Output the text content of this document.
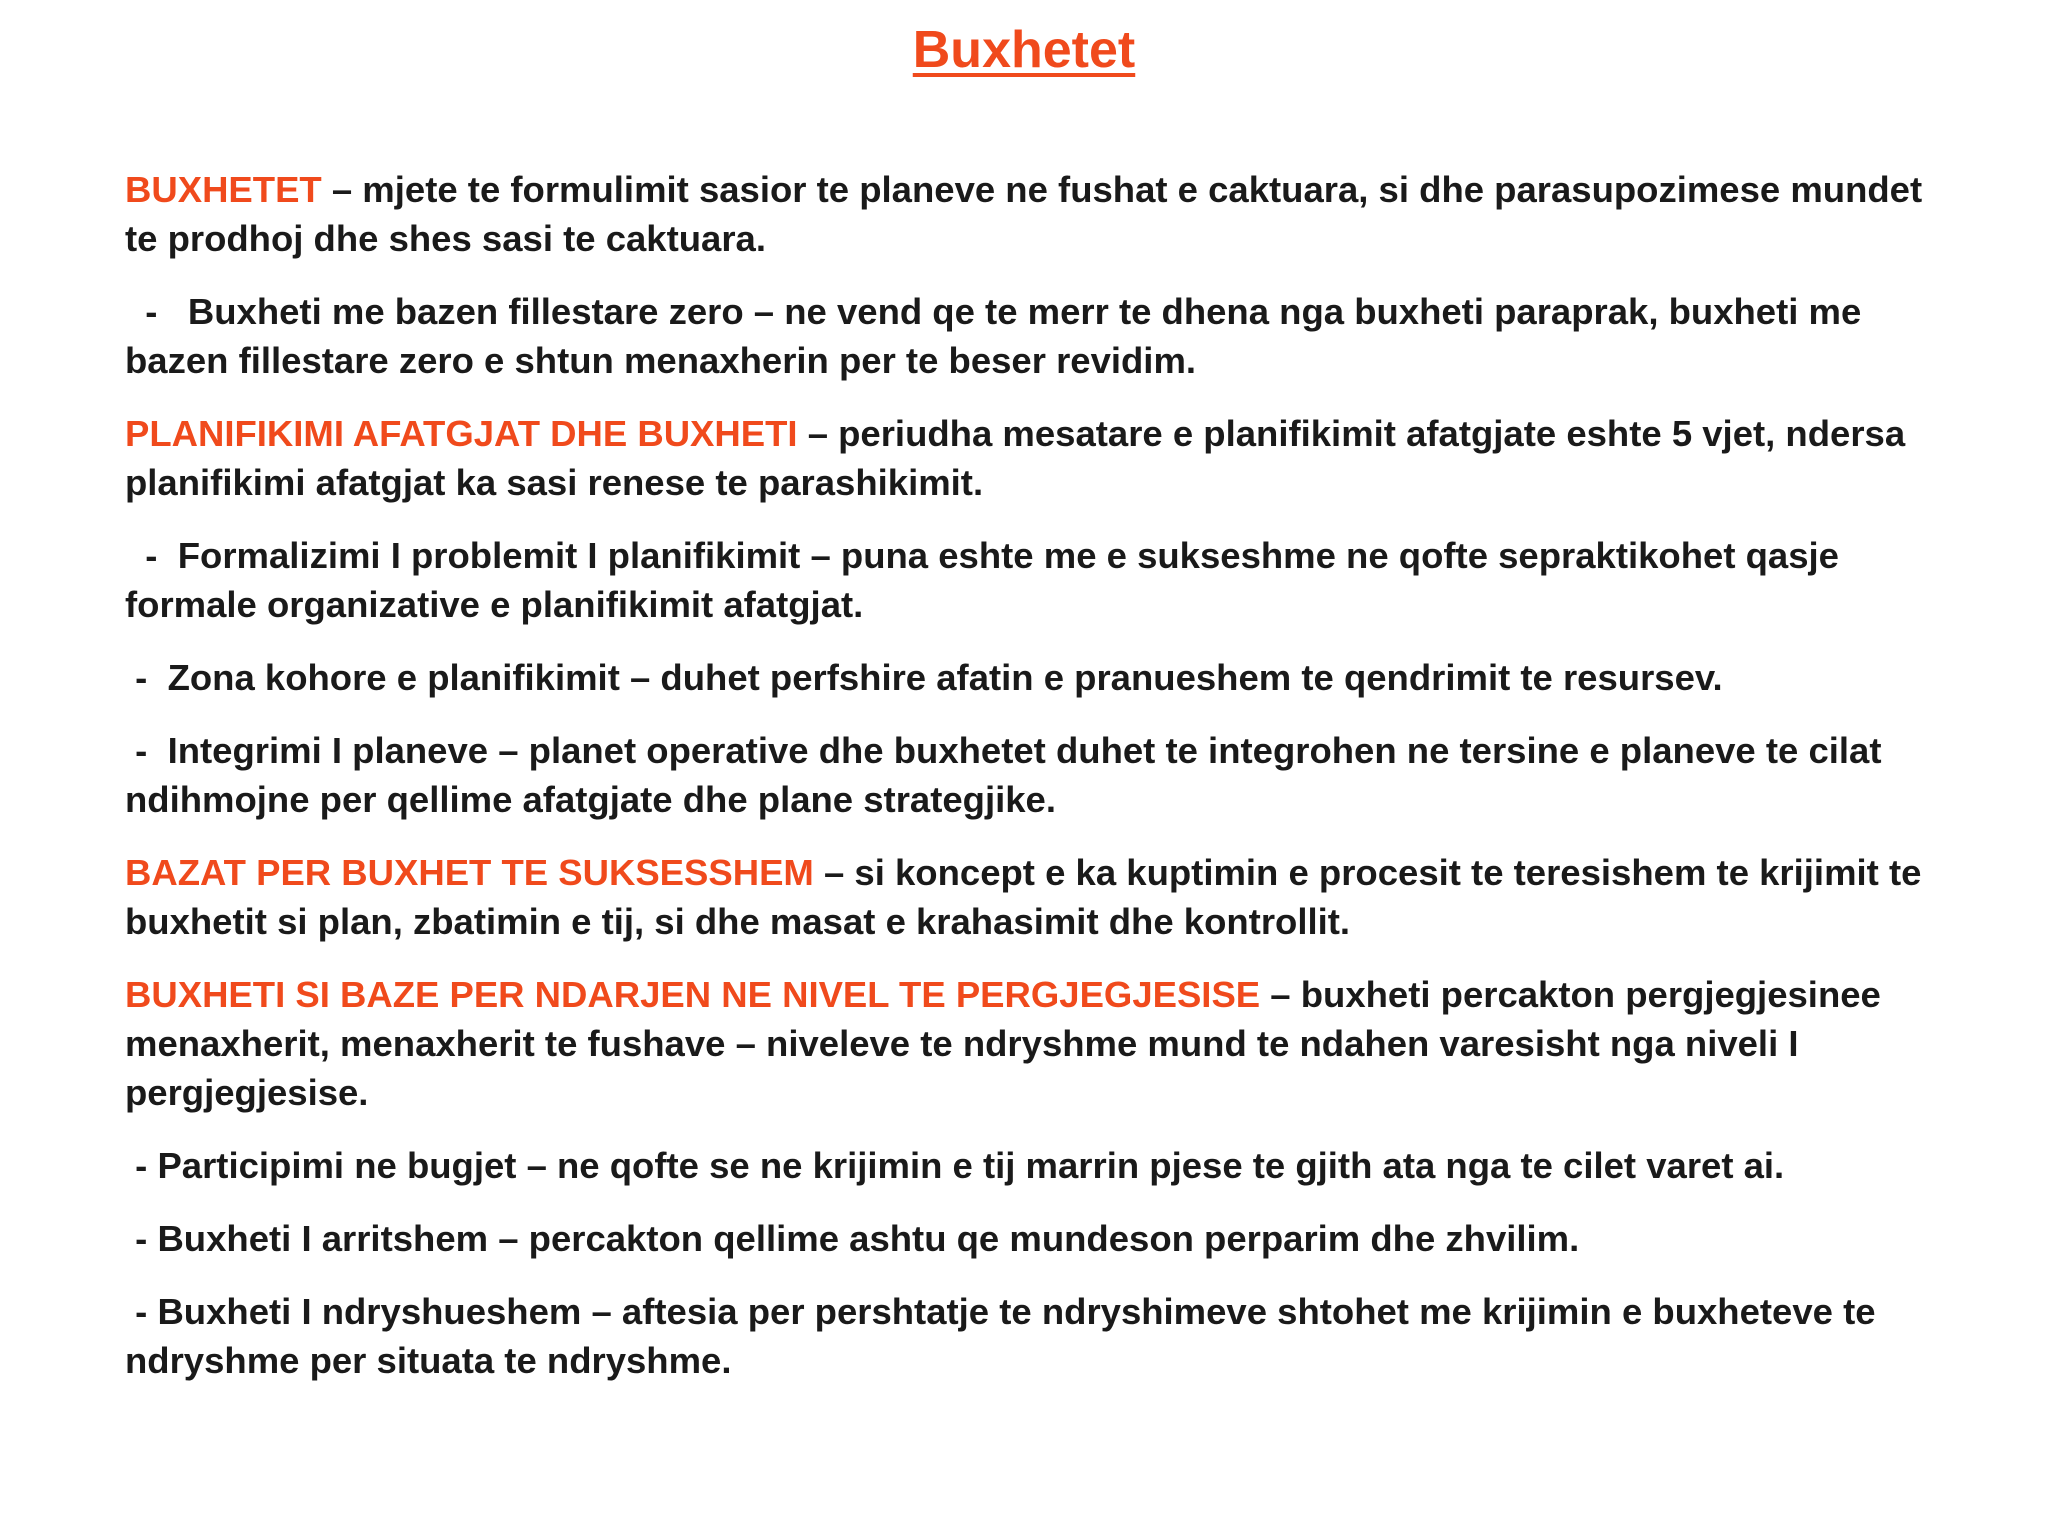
Buxhetet

BUXHETET – mjete te formulimit sasior te planeve ne fushat e caktuara, si dhe parasupozimese mundet te prodhoj dhe shes sasi te caktuara.

-   Buxheti me bazen fillestare zero – ne vend qe te merr te dhena nga buxheti paraprak, buxheti me bazen fillestare zero e shtun menaxherin per te beser revidim.

PLANIFIKIMI AFATGJAT DHE BUXHETI – periudha mesatare e planifikimit afatgjate eshte 5 vjet, ndersa planifikimi afatgjat ka sasi renese te parashikimit.

-  Formalizimi I problemit I planifikimit – puna eshte me e sukseshme ne qofte sepraktikohet qasje formale organizative e planifikimit afatgjat.

-  Zona kohore e planifikimit – duhet perfshire afatin e pranueshem te qendrimit te resursev.

-  Integrimi I planeve – planet operative dhe buxhetet duhet te integrohen ne tersine e planeve te cilat ndihmojne per qellime afatgjate dhe plane strategjike.

BAZAT PER BUXHET TE SUKSESSHEM – si koncept e ka kuptimin e procesit te teresishem te krijimit te buxhetit si plan, zbatimin e tij, si dhe masat e krahasimit dhe kontrollit.

BUXHETI SI BAZE PER NDARJEN NE NIVEL TE PERGJEGJESISE – buxheti percakton pergjegjesinee menaxherit, menaxherit te fushave – niveleve te ndryshme mund te ndahen varesisht nga niveli I pergjegjesise.

- Participimi ne bugjet – ne qofte se ne krijimin e tij marrin pjese te gjith ata nga te cilet varet ai.

- Buxheti I arritshem – percakton qellime ashtu qe mundeson perparim dhe zhvilim.

- Buxheti I ndryshueshem – aftesia per pershtatje te ndryshimeve shtohet me krijimin e buxheteve te ndryshme per situata te ndryshme.
